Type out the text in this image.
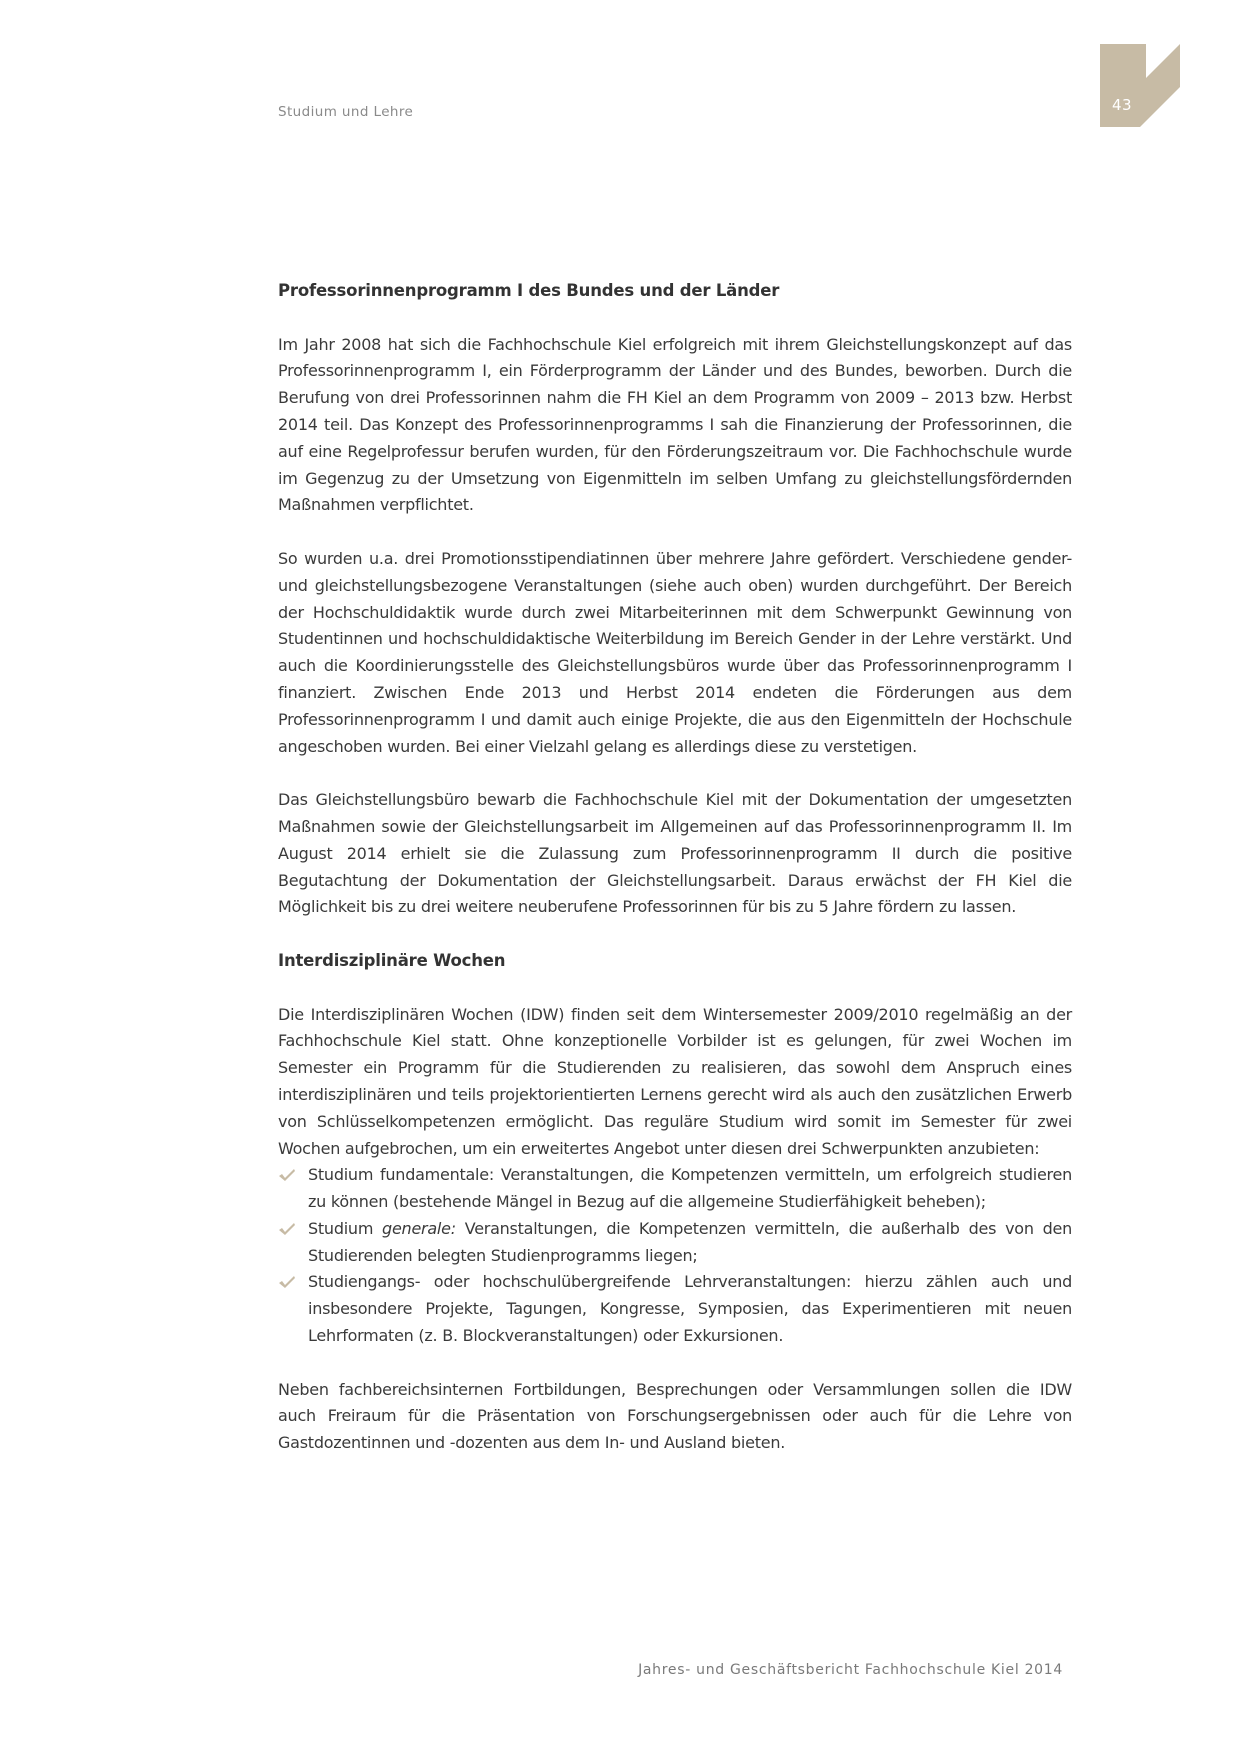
Studium und Lehre	43
Professorinnenprogramm I des Bundes und der Länder

Im Jahr 2008 hat sich die Fachhochschule Kiel erfolgreich mit ihrem Gleichstellungskonzept auf das Professorinnenprogramm I, ein Förderprogramm der Länder und des Bundes, beworben. Durch die Berufung von drei Professorinnen nahm die FH Kiel an dem Programm von 2009 – 2013 bzw. Herbst 2014 teil. Das Konzept des Professorinnenprogramms I sah die Finanzierung der Professorinnen, die auf eine Regelprofessur berufen wurden, für den Förderungszeitraum vor. Die Fachhochschule wurde im Gegenzug zu der Umsetzung von Eigenmitteln im selben Umfang zu gleichstellungsfördernden Maßnahmen verpflichtet.

So wurden u.a. drei Promotionsstipendiatinnen über mehrere Jahre gefördert. Verschiedene gender- und gleichstellungsbezogene Veranstaltungen (siehe auch oben) wurden durchgeführt. Der Bereich der Hochschuldidaktik wurde durch zwei Mitarbeiterinnen mit dem Schwerpunkt Gewinnung von Studentinnen und hochschuldidaktische Weiterbildung im Bereich Gender in der Lehre verstärkt. Und auch die Koordinierungsstelle des Gleichstellungsbüros wurde über das Professorinnenprogramm I finanziert. Zwischen Ende 2013 und Herbst 2014 endeten die Förderungen aus dem Professorinnenprogramm I und damit auch einige Projekte, die aus den Eigenmitteln der Hochschule angeschoben wurden. Bei einer Vielzahl gelang es allerdings diese zu verstetigen.

Das Gleichstellungsbüro bewarb die Fachhochschule Kiel mit der Dokumentation der umgesetzten Maßnahmen sowie der Gleichstellungsarbeit im Allgemeinen auf das Professorinnenprogramm II. Im August 2014 erhielt sie die Zulassung zum Professorinnenprogramm II durch die positive Begutachtung der Dokumentation der Gleichstellungsarbeit. Daraus erwächst der FH Kiel die Möglichkeit bis zu drei weitere neuberufene Professorinnen für bis zu 5 Jahre fördern zu lassen.

Interdisziplinäre Wochen

Die Interdisziplinären Wochen (IDW) finden seit dem Wintersemester 2009/2010 regelmäßig an der Fachhochschule Kiel statt. Ohne konzeptionelle Vorbilder ist es gelungen, für zwei Wochen im Semester ein Programm für die Studierenden zu realisieren, das sowohl dem Anspruch eines interdisziplinären und teils projektorientierten Lernens gerecht wird als auch den zusätzlichen Erwerb von Schlüsselkompetenzen ermöglicht. Das reguläre Studium wird somit im Semester für zwei Wochen aufgebrochen, um ein erweitertes Angebot unter diesen drei Schwerpunkten anzubieten:

Studium fundamentale: Veranstaltungen, die Kompetenzen vermitteln, um erfolgreich studieren zu können (bestehende Mängel in Bezug auf die allgemeine Studierfähigkeit beheben);
Studium generale: Veranstaltungen, die Kompetenzen vermitteln, die außerhalb des von den Studierenden belegten Studienprogramms liegen;
Studiengangs- oder hochschulübergreifende Lehrveranstaltungen: hierzu zählen auch und insbesondere Projekte, Tagungen, Kongresse, Symposien, das Experimentieren mit neuen Lehrformaten (z. B. Blockveranstaltungen) oder Exkursionen.

Neben fachbereichsinternen Fortbildungen, Besprechungen oder Versammlungen sollen die IDW auch Freiraum für die Präsentation von Forschungsergebnissen oder auch für die Lehre von Gastdozentinnen und -dozenten aus dem In- und Ausland bieten.

Jahres- und Geschäftsbericht Fachhochschule Kiel 2014
